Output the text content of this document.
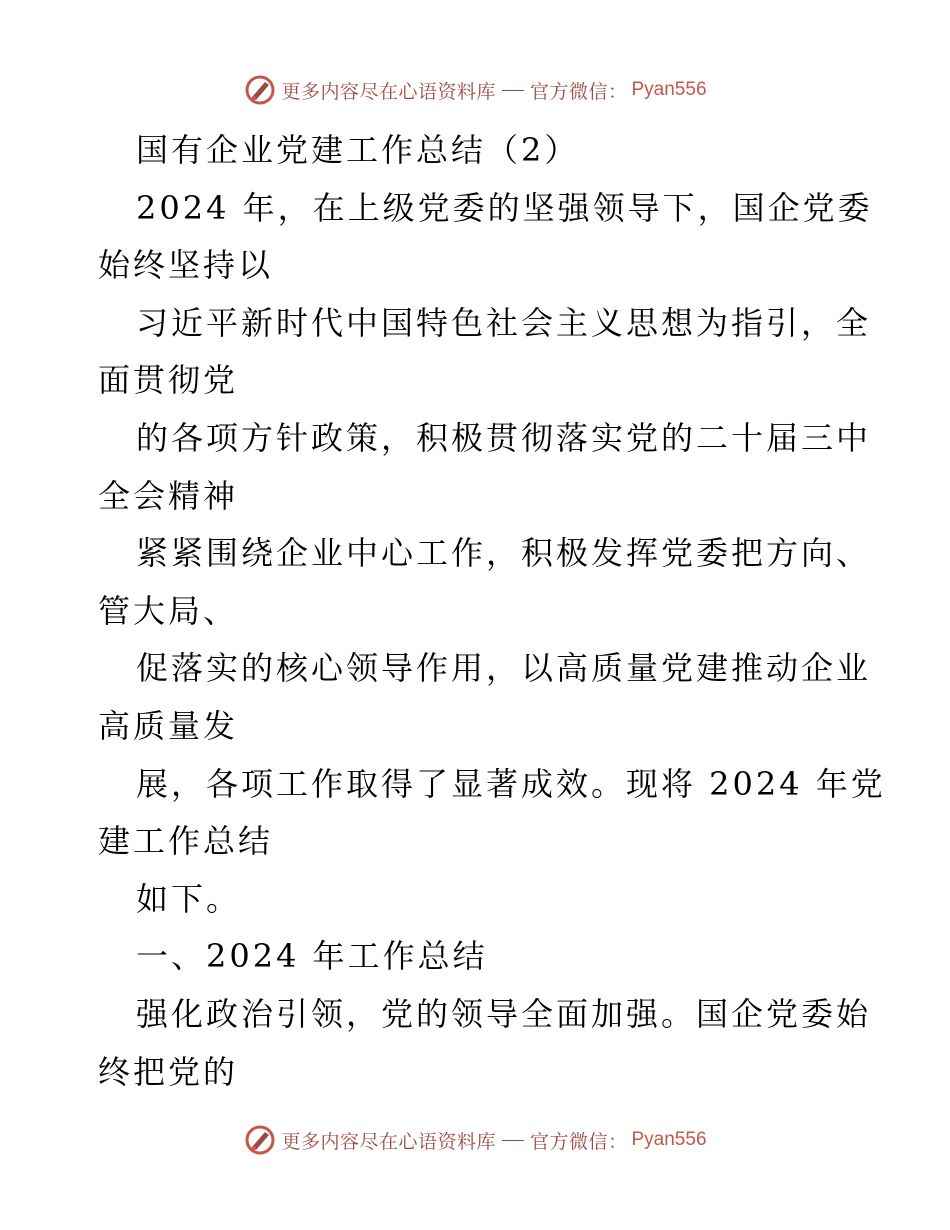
更多内容尽在心语资料库 官方微信： Pyan556
国有企业党建工作总结（2）
2024 年，在上级党委的坚强领导下，国企党委
始终坚持以
习近平新时代中国特色社会主义思想为指引，全
面贯彻党
的各项方针政策，积极贯彻落实党的二十届三中
全会精神
紧紧围绕企业中心工作，积极发挥党委把方向、
管大局、
促落实的核心领导作用，以高质量党建推动企业
高质量发
展，各项工作取得了显著成效。现将 2024 年党
建工作总结
如下。
一、2024 年工作总结
强化政治引领，党的领导全面加强。国企党委始
终把党的
更多内容尽在心语资料库 官方微信： Pyan556
